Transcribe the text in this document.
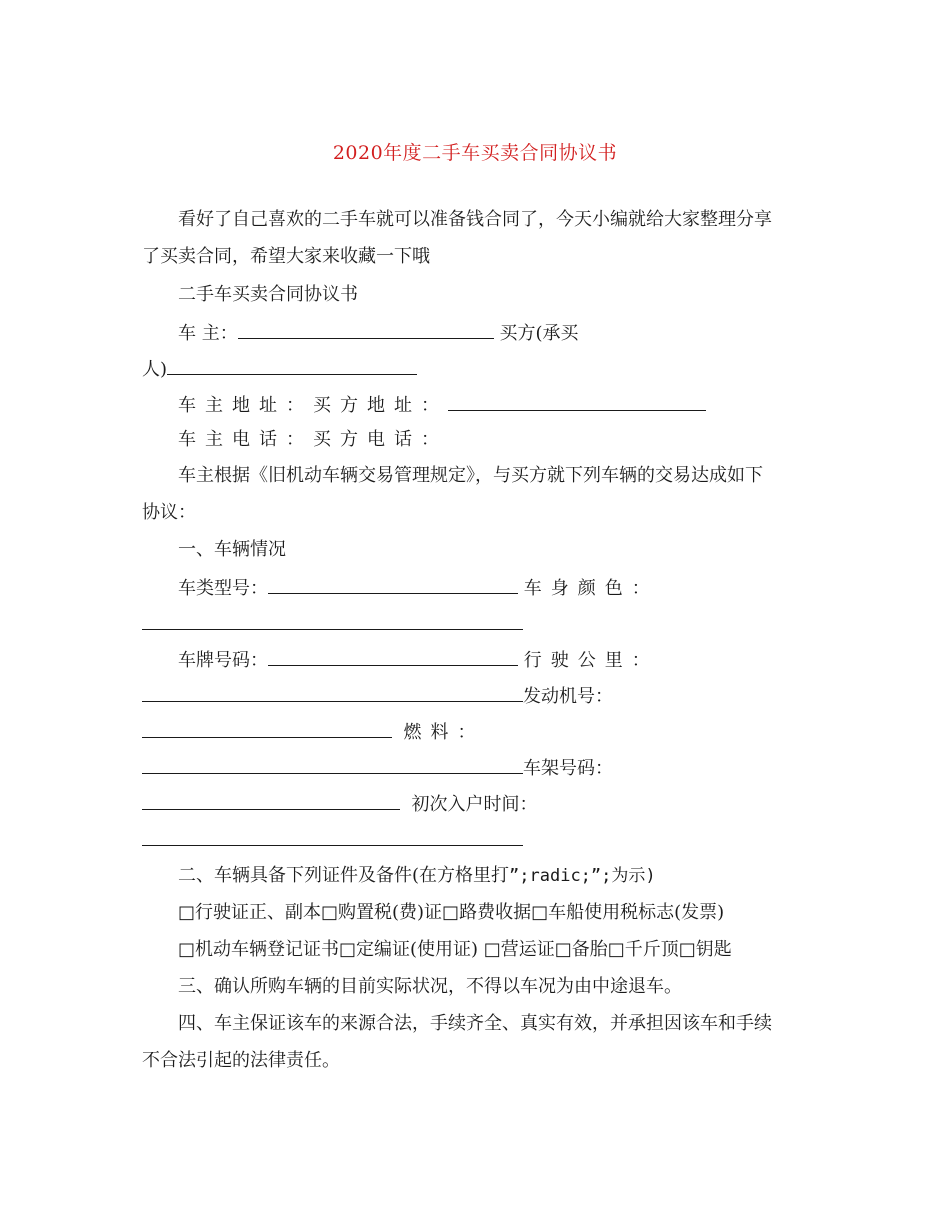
2020年度二手车买卖合同协议书
看好了自己喜欢的二手车就可以准备钱合同了，今天小编就给大家整理分享
了买卖合同，希望大家来收藏一下哦
二手车买卖合同协议书
车 主：	买方(承买
人)
车主地址：买方地址：
车主电话：买方电话：
车主根据《旧机动车辆交易管理规定》，与买方就下列车辆的交易达成如下
协议：
一、车辆情况
车类型号：	车身颜色：
车牌号码：	行驶公里：
发动机号：
燃料：
车架号码：
初次入户时间：
二、车辆具备下列证件及备件(在方格里打”;radic;”;为示)
□行驶证正、副本□购置税(费)证□路费收据□车船使用税标志(发票)
□机动车辆登记证书□定编证(使用证) □营运证□备胎□千斤顶□钥匙
三、确认所购车辆的目前实际状况，不得以车况为由中途退车。
四、车主保证该车的来源合法，手续齐全、真实有效，并承担因该车和手续
不合法引起的法律责任。
